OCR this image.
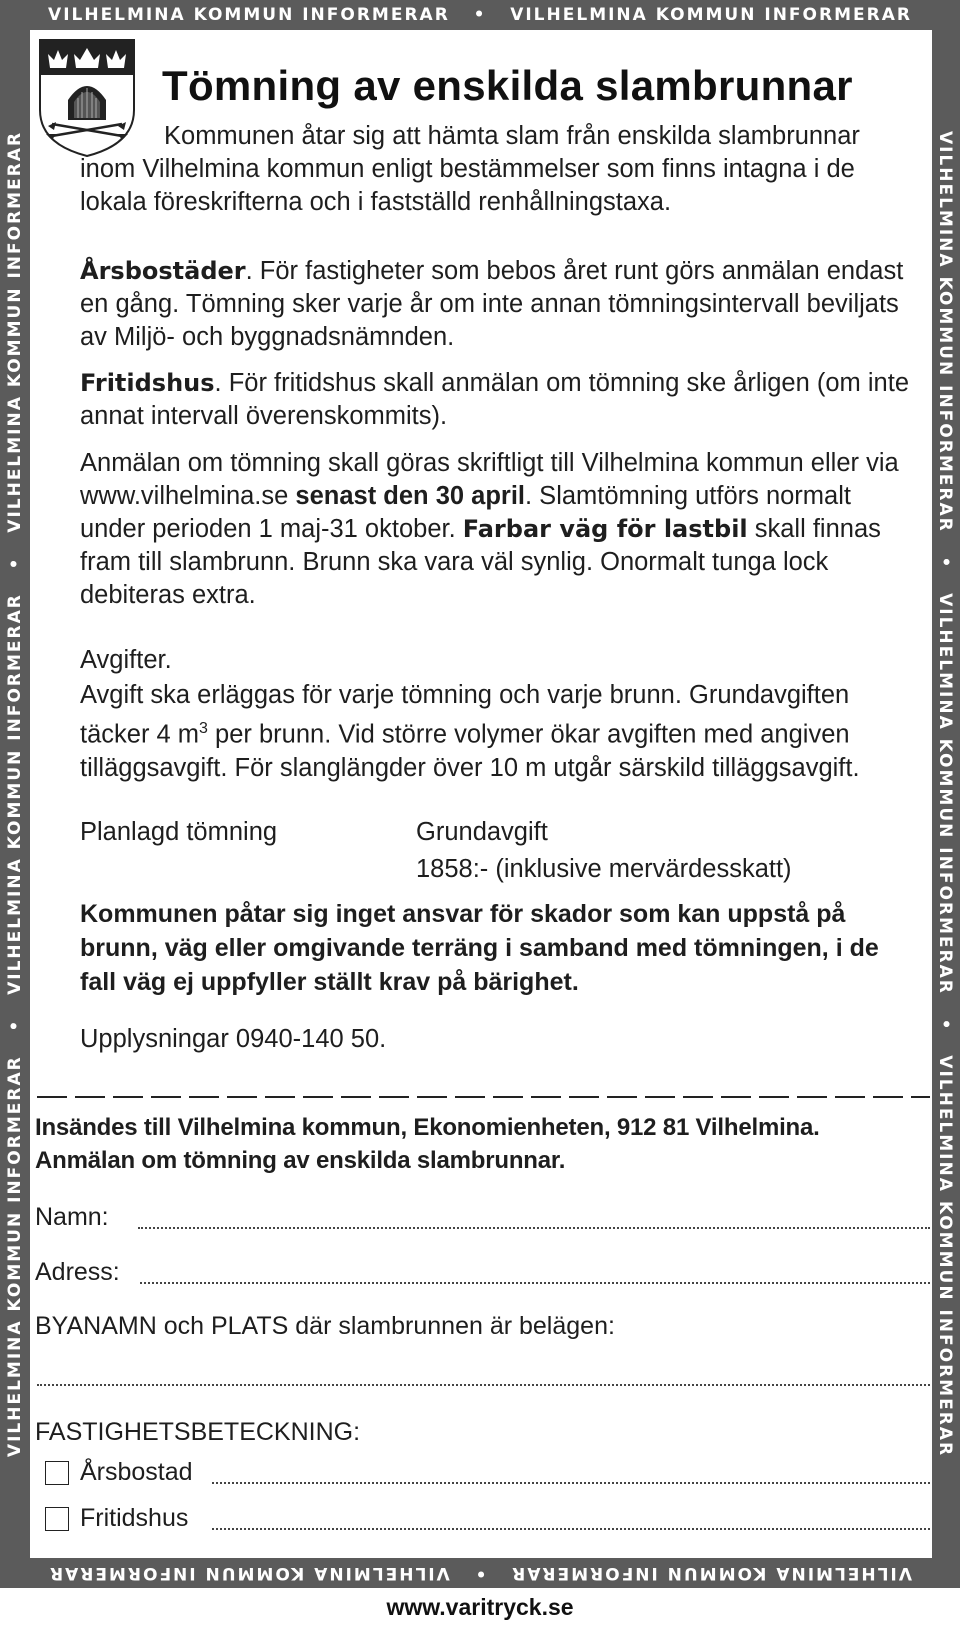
VILHELMINA KOMMUN INFORMERAR • VILHELMINA KOMMUN INFORMERAR
VILHELMINA KOMMUN INFORMERAR   •   VILHELMINA KOMMUN INFORMERAR
VILHELMINA KOMMUN INFORMERAR   •   VILHELMINA KOMMUN INFORMERAR   •   VILHELMINA KOMMUN INFORMERAR	VILHELMINA KOMMUN INFORMERAR   •   VILHELMINA KOMMUN INFORMERAR   •   VILHELMINA KOMMUN INFORMERAR
Tömning av enskilda slambrunnar

Kommunen åtar sig att hämta slam från enskilda slambrunnar inom Vilhelmina kommun enligt bestämmelser som finns intagna i de lokala föreskrifterna och i fastställd renhållningstaxa.

Årsbostäder. För fastigheter som bebos året runt görs anmälan endast en gång. Tömning sker varje år om inte annan tömningsintervall beviljats av Miljö- och byggnadsnämnden.

Fritidshus. För fritidshus skall anmälan om tömning ske årligen (om inte annat intervall överenskommits).

Anmälan om tömning skall göras skriftligt till Vilhelmina kommun eller via www.vilhelmina.se senast den 30 april. Slamtömning utförs normalt under perioden 1 maj-31 oktober. Farbar väg för lastbil skall finnas fram till slambrunn. Brunn ska vara väl synlig. Onormalt tunga lock debiteras extra.

Avgifter.

Avgift ska erläggas för varje tömning och varje brunn. Grundavgiften täcker 4 $m^3$ per brunn. Vid större volymer ökar avgiften med angiven tilläggsavgift. För slanglängder över 10 m utgår särskild tilläggsavgift.

Planlagd tömning	Grundavgift
1858:- (inklusive mervärdesskatt)

Kommunen påtar sig inget ansvar för skador som kan uppstå på brunn, väg eller omgivande terräng i samband med tömningen, i de fall väg ej uppfyller ställt krav på bärighet.

Upplysningar 0940-140 50.

Insändes till Vilhelmina kommun, Ekonomienheten, 912 81 Vilhelmina.
Anmälan om tömning av enskilda slambrunnar.
Namn:
Adress:
BYANAMN och PLATS där slambrunnen är belägen:
FASTIGHETSBETECKNING:
Årsbostad
Fritidshus
www.varitryck.se
